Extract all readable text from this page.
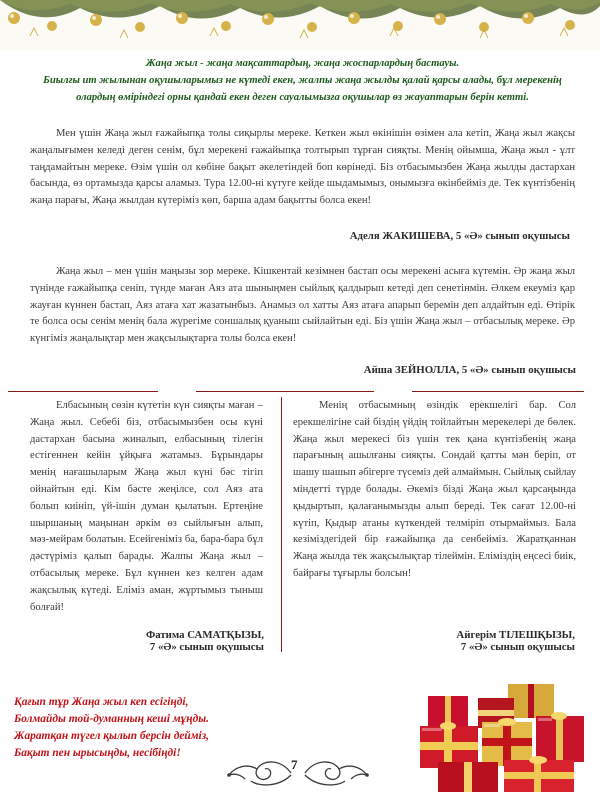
Жаңа жыл - жаңа мақсаттардың, жаңа жоспарлардың бастауы.
Биылғы ит жылынан оқушыларымыз не күтеді екен, жалпы жаңа жылды қалай қарсы алады, бұл мерекенің олардың өміріндегі орны қандай екен деген сауалымызға оқушылар өз жауаптарын берін кетті.
Мен үшін Жаңа жыл ғажайыпқа толы сиқырлы мереке. Кеткен жыл өкінішін өзімен ала кетіп, Жаңа жыл жақсы жаңалығымен келеді деген сенім, бұл мерекені ғажайыпқа толтырып тұрған сияқты. Менің ойымша, Жаңа жыл - ұлт таңдамайтын мереке. Өзім үшін ол көбіне бақыт әкелетіндей боп көрінеді. Біз отбасымызбен Жаңа жылды дастархан басында, өз ортамызда қарсы аламыз. Тура 12.00-ні күтуге кейде шыдамымыз, онымызға өкінбейміз де. Тек күнтізбенің жаңа парағы, Жаңа жылдан күтеріміз көп, барша адам бақытты болса екен!
Аделя ЖАКИШЕВА, 5 «Ә» сынып оқушысы
Жаңа жыл – мен үшін маңызы зор мереке. Кішкентай кезімнен бастап осы мерекені асыға күтемін. Әр жаңа жыл түнінде ғажайыпқа сеніп, түнде маған Аяз ата шыныңмен сыйлық қалдырып кетеді деп сенетінмін. Әлкем екеуміз қар жауған күннен бастап, Аяз атаға хат жазатынбыз. Анамыз ол хатты Аяз атаға апарып беремін деп алдайтын еді. Өтірік те болса осы сенім менің бала жүрегіме соншалық қуаныш сыйлайтын еді. Біз үшін Жаңа жыл – отбасылық мереке. Әр күнгіміз жаңалықтар мен жақсылықтарға толы болса екен!
Айша ЗЕЙНОЛЛА, 5 «Ә» сынып оқушысы
Елбасының сөзін күтетін күн сияқты маған – Жаңа жыл. Себебі біз, отбасымызбен осы күні дастархан басына жиналып, елбасының тілегін естігеннен кейін ұйқыға жатамыз. Бұрындары менің нағашыларым Жаңа жыл күні бәс тігіп ойнайтын еді. Кім бәсте жеңілсе, сол Аяз ата болып киініп, үй-ішін думан қылатын. Ертеңіне шыршаның маңынан әркім өз сыйлығын алып, мәз-мейрам болатын. Есейгеніміз ба, бара-бара бұл дәстүріміз қалып барады. Жалпы Жаңа жыл – отбасылық мереке. Бұл күннен кез келген адам жақсылық күтеді. Еліміз аман, жұртымыз тыныш болғай!
Фатима САМАТҚЫЗЫ,
7 «Ә» сынып оқушысы
Менің отбасымның өзіндік ерекшелігі бар. Сол ерекшелігіне сай біздің үйдің тойлайтын мерекелері де бөлек. Жаңа жыл мерекесі біз үшін тек қана күнтізбенің жаңа парағының ашылғаны сияқты. Сондай қатты мән беріп, от шашу шашып әбігерге түсеміз дей алмаймын. Сыйлық сыйлау міндетті түрде болады. Әкеміз біздi Жаңа жыл қарсаңында қыдыртып, қалағанымызды алып береді. Тек сағат 12.00-ні күтіп, Қыдыр атаны күткендей телміріп отырмаймыз. Бала кезіміздегідей бір ғажайыпқа да сенбейміз. Жаратқаннан Жаңа жылда тек жақсылықтар тілеймін. Еліміздің еңсесі биік, байрағы тұғырлы болсын!
Айгерім ТІЛЕШҚЫЗЫ,
7 «Ә» сынып оқушысы
Қағып тұр Жаңа жыл кеп есігіңді,
Болмайды той-думанның кеші мұңды.
Жаратқан түгел қылып берсін деймiз,
Бақыт пен ырысыңды, несібіңді!
7
